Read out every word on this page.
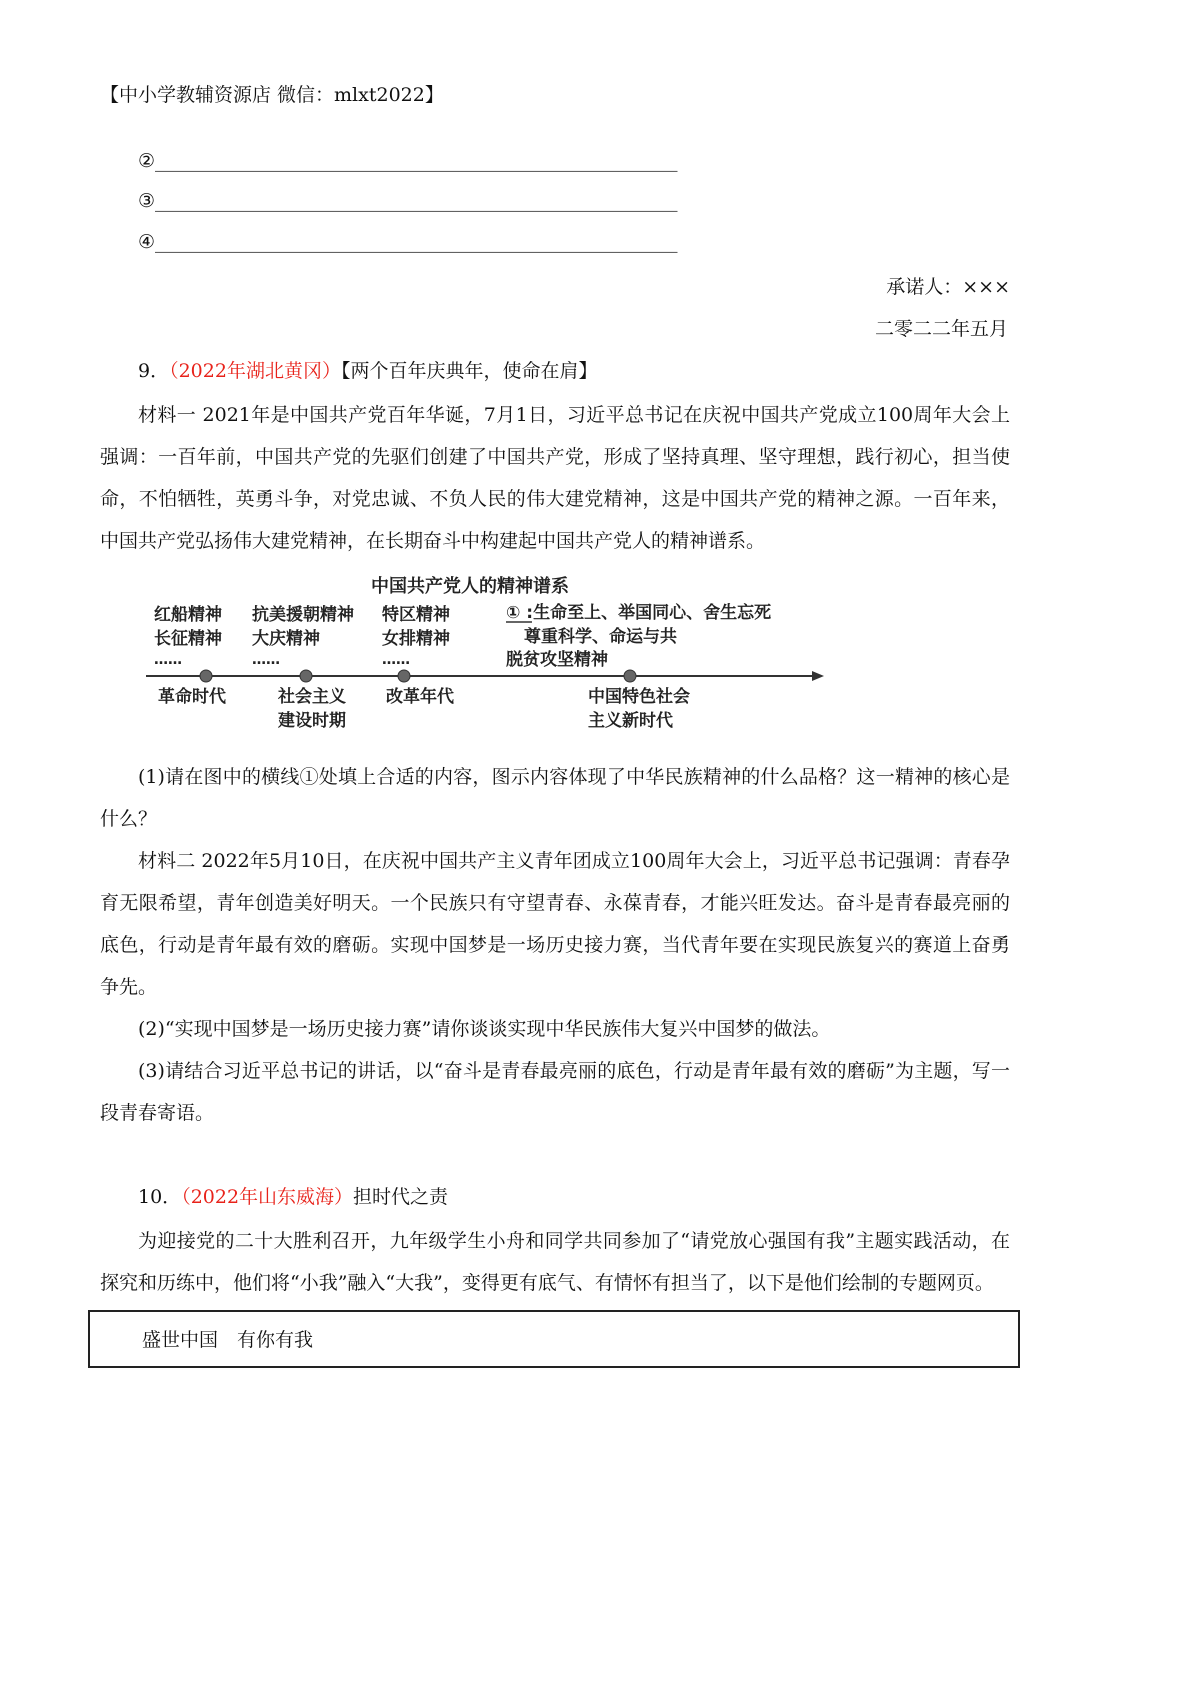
【中小学教辅资源店 微信：mlxt2022】
②_______________________________________________________
③_______________________________________________________
④_______________________________________________________
承诺人：×××
二零二二年五月
9．（2022年湖北黄冈）【两个百年庆典年，使命在肩】
材料一 2021年是中国共产党百年华诞，7月1日，习近平总书记在庆祝中国共产党成立100周年大会上强调：一百年前，中国共产党的先驱们创建了中国共产党，形成了坚持真理、坚守理想，践行初心，担当使命，不怕牺牲，英勇斗争，对党忠诚、不负人民的伟大建党精神，这是中国共产党的精神之源。一百年来，中国共产党弘扬伟大建党精神，在长期奋斗中构建起中国共产党人的精神谱系。
中国共产党人的精神谱系
红船精神
长征精神
……
革命时代
抗美援朝精神
大庆精神
……
社会主义
建设时期
特区精神
女排精神
……
改革年代
① :生命至上、举国同心、舍生忘死
尊重科学、命运与共
脱贫攻坚精神
中国特色社会
主义新时代
(1)请在图中的横线①处填上合适的内容，图示内容体现了中华民族精神的什么品格？这一精神的核心是什么？
材料二 2022年5月10日，在庆祝中国共产主义青年团成立100周年大会上，习近平总书记强调：青春孕育无限希望，青年创造美好明天。一个民族只有守望青春、永葆青春，才能兴旺发达。奋斗是青春最亮丽的底色，行动是青年最有效的磨砺。实现中国梦是一场历史接力赛，当代青年要在实现民族复兴的赛道上奋勇争先。
(2)“实现中国梦是一场历史接力赛”请你谈谈实现中华民族伟大复兴中国梦的做法。
(3)请结合习近平总书记的讲话，以“奋斗是青春最亮丽的底色，行动是青年最有效的磨砺”为主题，写一段青春寄语。
10．（2022年山东威海）担时代之责
为迎接党的二十大胜利召开，九年级学生小舟和同学共同参加了“请党放心强国有我”主题实践活动，在探究和历练中，他们将“小我”融入“大我”，变得更有底气、有情怀有担当了，以下是他们绘制的专题网页。
盛世中国　有你有我
